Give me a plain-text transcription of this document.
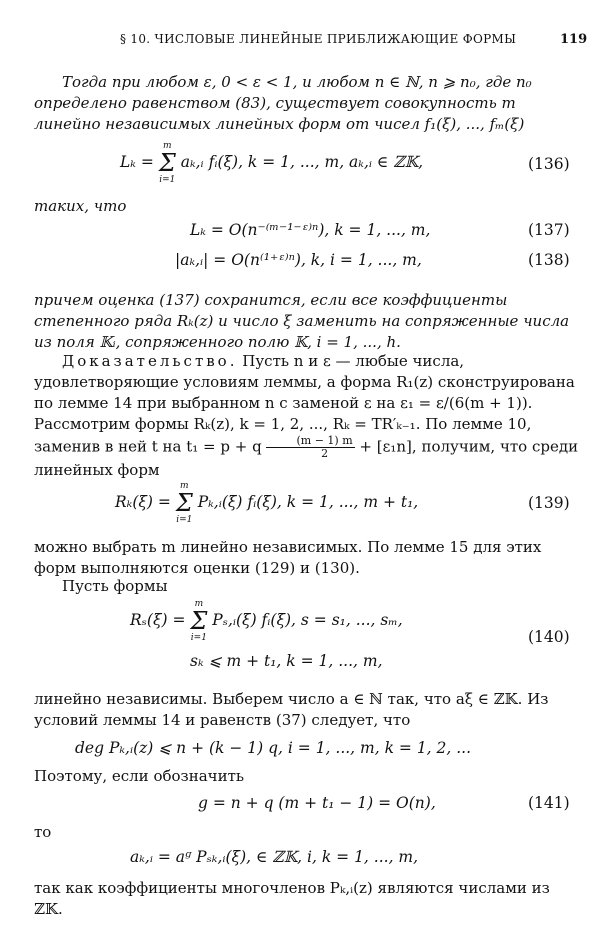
§ 10. ЧИСЛОВЫЕ ЛИНЕЙНЫЕ ПРИБЛИЖАЮЩИЕ ФОРМЫ	119

Тогда при любом ε, 0 < ε < 1, и любом n ∈ ℕ, n ⩾ n₀, где n₀ определено равенством (83), существует совокупность m линейно независимых линейных форм от чисел f₁(ξ), ..., fₘ(ξ)

Lₖ =
m
Σ
i=1
aₖ,ᵢ fᵢ(ξ), k = 1, ..., m, aₖ,ᵢ ∈ ℤ𝕂,	(136)

таких, что

Lₖ = O(n⁻⁽ᵐ⁻¹⁻ᵋ⁾ⁿ), k = 1, ..., m,	(137)
|aₖ,ᵢ| = O(n⁽¹⁺ᵋ⁾ⁿ), k, i = 1, ..., m,	(138)

причем оценка (137) сохранится, если все коэффициенты степенного ряда Rₖ(z) и число ξ заменить на сопряженные числа из поля 𝕂ᵢ, сопряженного полю 𝕂, i = 1, ..., h.

Доказательство. Пусть n и ε — любые числа, удовлетворяющие условиям леммы, а форма R₁(z) сконструирована по лемме 14 при выбранном n с заменой ε на ε₁ = ε/(6(m + 1)). Рассмотрим формы Rₖ(z), k = 1, 2, ..., Rₖ = TR′ₖ₋₁. По лемме 10, заменив в ней t на t₁ = p + q $\frac{(m - 1) m}{2} + [\varepsilon_1n]$, получим, что среди линейных форм
Rₖ(ξ) =
m
Σ
i=1
Pₖ,ᵢ(ξ) fᵢ(ξ), k = 1, ..., m + t₁,	(139)

можно выбрать m линейно независимых. По лемме 15 для этих форм выполняются оценки (129) и (130).

Пусть формы

Rₛ(ξ) =
m
Σ
i=1
Pₛ,ᵢ(ξ) fᵢ(ξ), s = s₁, ..., sₘ,
sₖ ⩽ m + t₁, k = 1, ..., m,
(140)

линейно независимы. Выберем число a ∈ ℕ так, что aξ ∈ ℤ𝕂. Из условий леммы 14 и равенств (37) следует, что

deg Pₖ,ᵢ(z) ⩽ n + (k − 1) q, i = 1, ..., m, k = 1, 2, ...

Поэтому, если обозначить

g = n + q (m + t₁ − 1) = O(n),	(141)

то

aₖ,ᵢ = aᵍ Pₛₖ,ᵢ(ξ), ∈ ℤ𝕂, i, k = 1, ..., m,

так как коэффициенты многочленов Pₖ,ᵢ(z) являются числами из ℤ𝕂.
